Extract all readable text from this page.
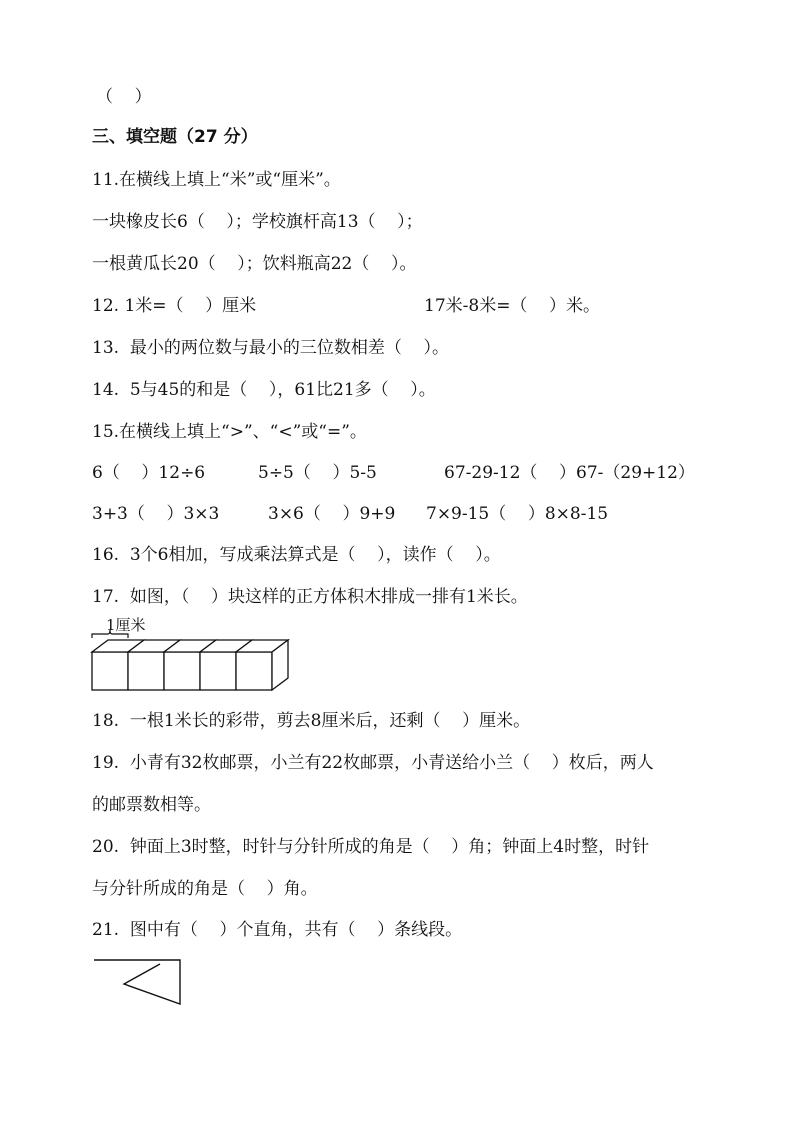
（    ）
三、填空题（27 分）
11.在横线上填上“米”或“厘米”。
一块橡皮长6（    ）；学校旗杆高13（    ）；
一根黄瓜长20（    ）；饮料瓶高22（    ）。
12. 1米=（    ）厘米	17米-8米=（    ）米。
13.  最小的两位数与最小的三位数相差（    ）。
14.  5与45的和是（    ），61比21多（    ）。
15.在横线上填上“>”、“<”或“=”。
6（    ）12÷6	5÷5（    ）5-5	67-29-12（    ）67-（29+12）
3+3（    ）3×3	3×6（    ）9+9 7×9-15（    ）8×8-15
16.  3个6相加，写成乘法算式是（    ），读作（    ）。
17.  如图，（    ）块这样的正方体积木排成一排有1米长。
1厘米
18.  一根1米长的彩带，剪去8厘米后，还剩（    ）厘米。
19.  小青有32枚邮票，小兰有22枚邮票，小青送给小兰（    ）枚后，两人
的邮票数相等。
20.  钟面上3时整，时针与分针所成的角是（    ）角；钟面上4时整，时针
与分针所成的角是（    ）角。
21.  图中有（    ）个直角，共有（    ）条线段。
